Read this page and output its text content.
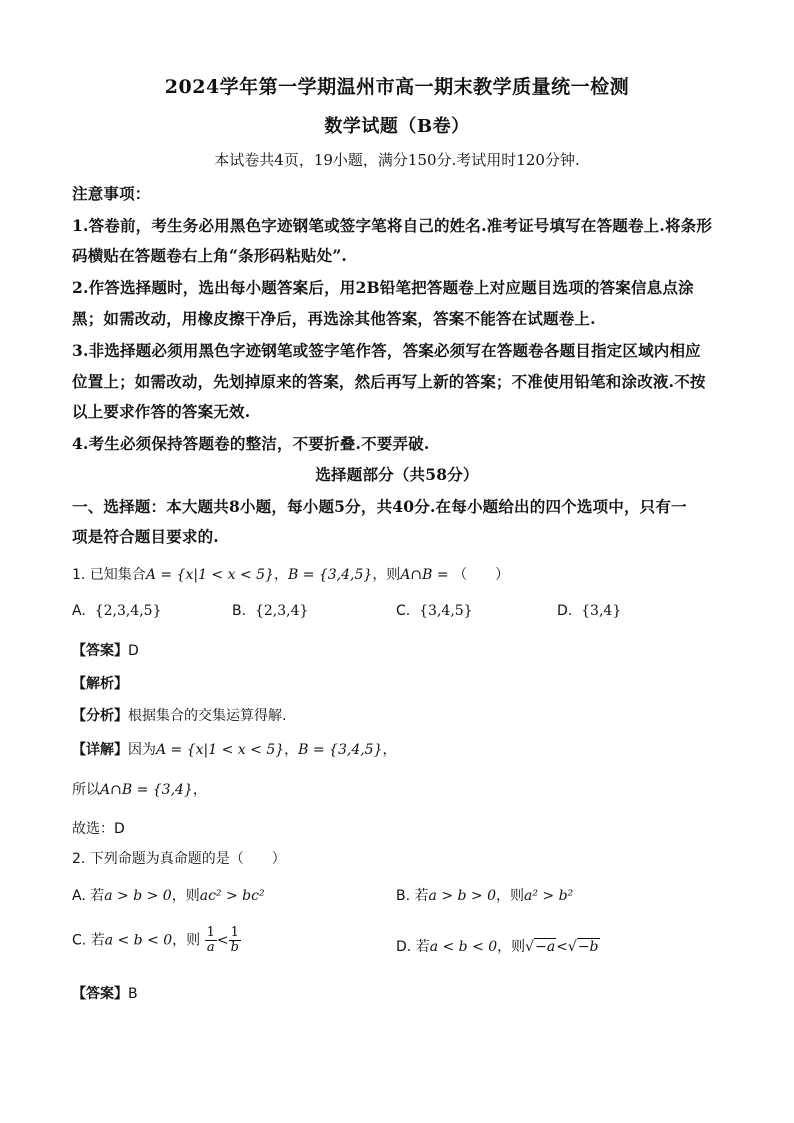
2024学年第一学期温州市高一期末教学质量统一检测
数学试题（B卷）
本试卷共4页，19小题，满分150分.考试用时120分钟.
注意事项：
1.答卷前，考生务必用黑色字迹钢笔或签字笔将自己的姓名.准考证号填写在答题卷上.将条形
码横贴在答题卷右上角“条形码粘贴处”.
2.作答选择题时，选出每小题答案后，用2B铅笔把答题卷上对应题目选项的答案信息点涂
黑；如需改动，用橡皮擦干净后，再选涂其他答案，答案不能答在试题卷上.
3.非选择题必须用黑色字迹钢笔或签字笔作答，答案必须写在答题卷各题目指定区域内相应
位置上；如需改动，先划掉原来的答案，然后再写上新的答案；不准使用铅笔和涂改液.不按
以上要求作答的答案无效.
4.考生必须保持答题卷的整洁，不要折叠.不要弄破.
选择题部分（共58分）
一、选择题：本大题共8小题，每小题5分，共40分.在每小题给出的四个选项中，只有一
项是符合题目要求的.
1. 已知集合A = {x|1 < x < 5}，B = {3,4,5}，则A∩B = （　　）
A. {2,3,4,5}	B. {2,3,4}	C. {3,4,5}	D. {3,4}
【答案】D
【解析】
【分析】根据集合的交集运算得解.
【详解】因为A = {x|1 < x < 5}，B = {3,4,5}，
所以A∩B = {3,4}，
故选：D
2. 下列命题为真命题的是（　　）
A. 若a > b > 0，则ac² > bc²	B. 若a > b > 0，则a² > b²
C. 若a < b < 0，则 $\frac{1}{a} < \frac{1}{b}$	D. 若a < b < 0，则√−a<√−b
【答案】B
